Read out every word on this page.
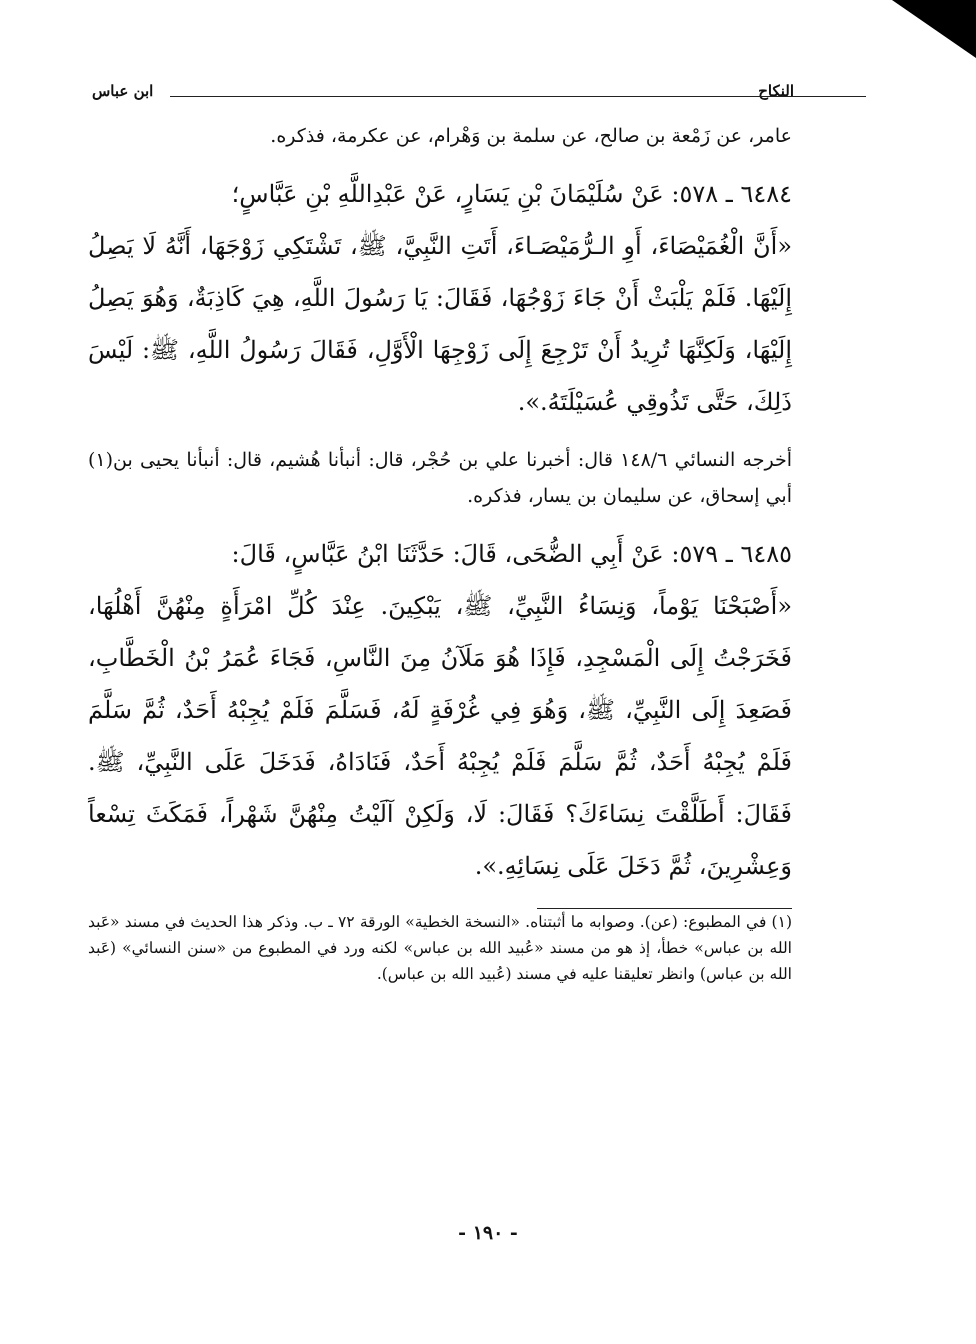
النكاح
ابن عباس

عامر، عن زَمْعة بن صالح، عن سلمة بن وَهْرام، عن عكرمة، فذكره.

٦٤٨٤ ـ ٥٧٨: عَنْ سُلَيْمَانَ بْنِ يَسَارٍ، عَنْ عَبْدِاللَّهِ بْنِ عَبَّاسٍ؛

«أَنَّ الْغُمَيْصَاءَ، أَوِ الـرُّمَيْصَـاءَ، أَتَتِ النَّبِيَّ، ﷺ، تَشْتَكِي زَوْجَهَا، أَنَّهُ لَا يَصِلُ إِلَيْهَا. فَلَمْ يَلْبَثْ أَنْ جَاءَ زَوْجُهَا، فَقَالَ: يَا رَسُولَ اللَّهِ، هِيَ كَاذِبَةٌ، وَهُوَ يَصِلُ إِلَيْهَا، وَلَكِنَّهَا تُرِيدُ أَنْ تَرْجِعَ إِلَى زَوْجِهَا الْأَوَّلِ، فَقَالَ رَسُولُ اللَّهِ، ﷺ: لَيْسَ ذَلِكَ، حَتَّى تَذُوقِي عُسَيْلَتَهُ.».

أخرجه النسائي ١٤٨/٦ قال: أخبرنا علي بن حُجْر، قال: أنبأنا هُشيم، قال: أنبأنا يحيى بن(١) أبي إسحاق، عن سليمان بن يسار، فذكره.

٦٤٨٥ ـ ٥٧٩: عَنْ أَبِي الضُّحَى، قَالَ: حَدَّثَنَا ابْنُ عَبَّاسٍ، قَالَ:

«أَصْبَحْنَا يَوْماً، وَنِسَاءُ النَّبِيِّ، ﷺ، يَبْكِينَ. عِنْدَ كُلِّ امْرَأَةٍ مِنْهُنَّ أَهْلُهَا، فَخَرَجْتُ إِلَى الْمَسْجِدِ، فَإِذَا هُوَ مَلَآنُ مِنَ النَّاسِ، فَجَاءَ عُمَرُ بْنُ الْخَطَّابِ، فَصَعِدَ إِلَى النَّبِيِّ، ﷺ، وَهُوَ فِي غُرْفَةٍ لَهُ، فَسَلَّمَ فَلَمْ يُجِبْهُ أَحَدٌ، ثُمَّ سَلَّمَ فَلَمْ يُجِبْهُ أَحَدٌ، ثُمَّ سَلَّمَ فَلَمْ يُجِبْهُ أَحَدٌ، فَنَادَاهُ، فَدَخَلَ عَلَى النَّبِيِّ، ﷺ. فَقَالَ: أَطَلَّقْتَ نِسَاءَكَ؟ فَقَالَ: لَا، وَلَكِنْ آلَيْتُ مِنْهُنَّ شَهْراً، فَمَكَثَ تِسْعاً وَعِشْرِينَ، ثُمَّ دَخَلَ عَلَى نِسَائِهِ.».

(١) في المطبوع: (عن). وصوابه ما أثبتناه. «النسخة الخطية» الورقة ٧٢ ـ ب. وذكر هذا الحديث في مسند «عَبد الله بن عباس» خطأ، إذ هو من مسند «عُبيد الله بن عباس» لكنه ورد في المطبوع من «سنن النسائي» (عَبد الله بن عباس) وانظر تعليقنا عليه في مسند (عُبيد الله بن عباس).

- ١٩٠ -
